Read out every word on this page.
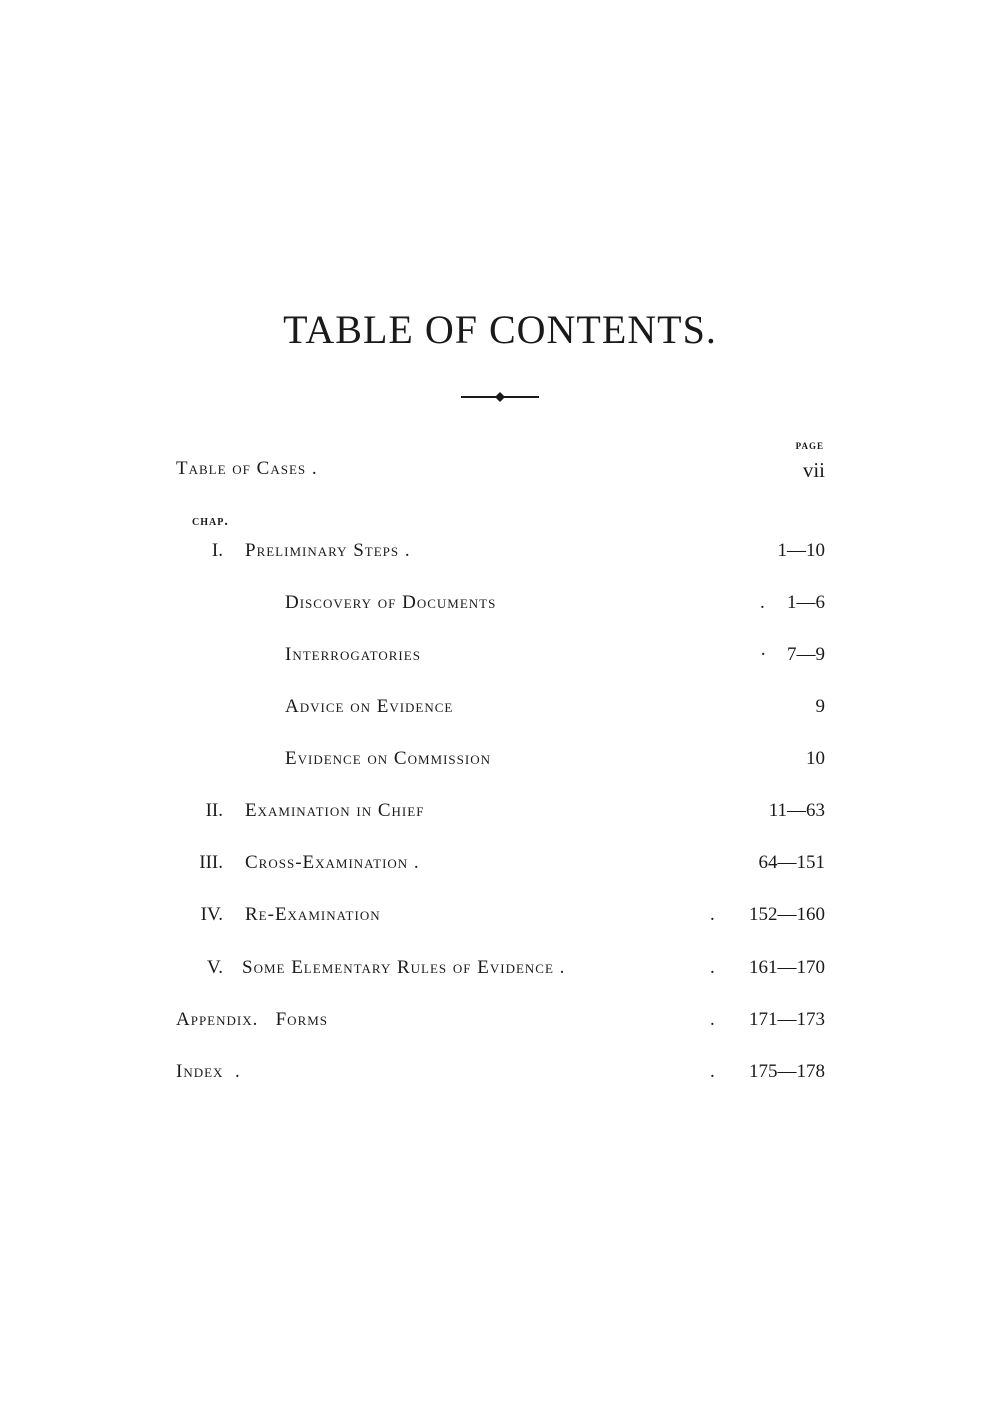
TABLE OF CONTENTS.
page
chap.
Table of Cases .	vii
I. Preliminary Steps .	1—10
Discovery of Documents	. 1—6
Interrogatories	· 7—9
Advice on Evidence	9
Evidence on Commission	10
II. Examination in Chief	11—63
III. Cross-Examination .	64—151
IV. Re-Examination	. 152—160
V. Some Elementary Rules of Evidence .	. 161—170
Appendix.   Forms	. 171—173
Index  .	. 175—178
